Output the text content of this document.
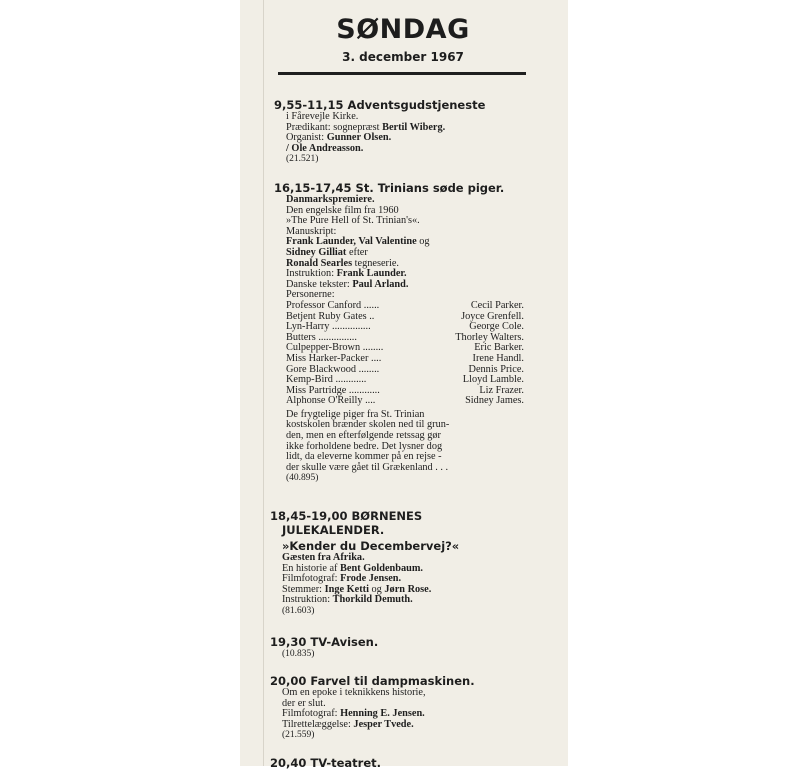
SØNDAG
3. december 1967
9,55-11,15 Adventsgudstjeneste
i Fårevejle Kirke.
Prædikant: sognepræst Bertil Wiberg.
Organist: Gunner Olsen.
/ Ole Andreasson.
(21.521)
16,15-17,45 St. Trinians søde piger.
Danmarkspremiere.
Den engelske film fra 1960
»The Pure Hell of St. Trinian's«.
Manuskript:
Frank Launder, Val Valentine og
Sidney Gilliat efter
Ronald Searles tegneserie.
Instruktion: Frank Launder.
Danske tekster: Paul Arland.
Personerne:
Professor Canford ......	Cecil Parker.
Betjent Ruby Gates ..	Joyce Grenfell.
Lyn-Harry ...............	George Cole.
Butters ...............	Thorley Walters.
Culpepper-Brown ........	Eric Barker.
Miss Harker-Packer ....	Irene Handl.
Gore Blackwood ........	Dennis Price.
Kemp-Bird ............	Lloyd Lamble.
Miss Partridge ............	Liz Frazer.
Alphonse O'Reilly ....	Sidney James.
De frygtelige piger fra St. Trinian
kostskolen brænder skolen ned til grun-
den, men en efterfølgende retssag gør
ikke forholdene bedre. Det lysner dog
lidt, da eleverne kommer på en rejse -
der skulle være gået til Grækenland . . .
(40.895)
18,45-19,00 BØRNENES
JULEKALENDER.
»Kender du Decembervej?«
Gæsten fra Afrika.
En historie af Bent Goldenbaum.
Filmfotograf: Frode Jensen.
Stemmer: Inge Ketti og Jørn Rose.
Instruktion: Thorkild Demuth.
(81.603)
19,30 TV-Avisen.
(10.835)
20,00 Farvel til dampmaskinen.
Om en epoke i teknikkens historie,
der er slut.
Filmfotograf: Henning E. Jensen.
Tilrettelæggelse: Jesper Tvede.
(21.559)
20,40 TV-teatret.
